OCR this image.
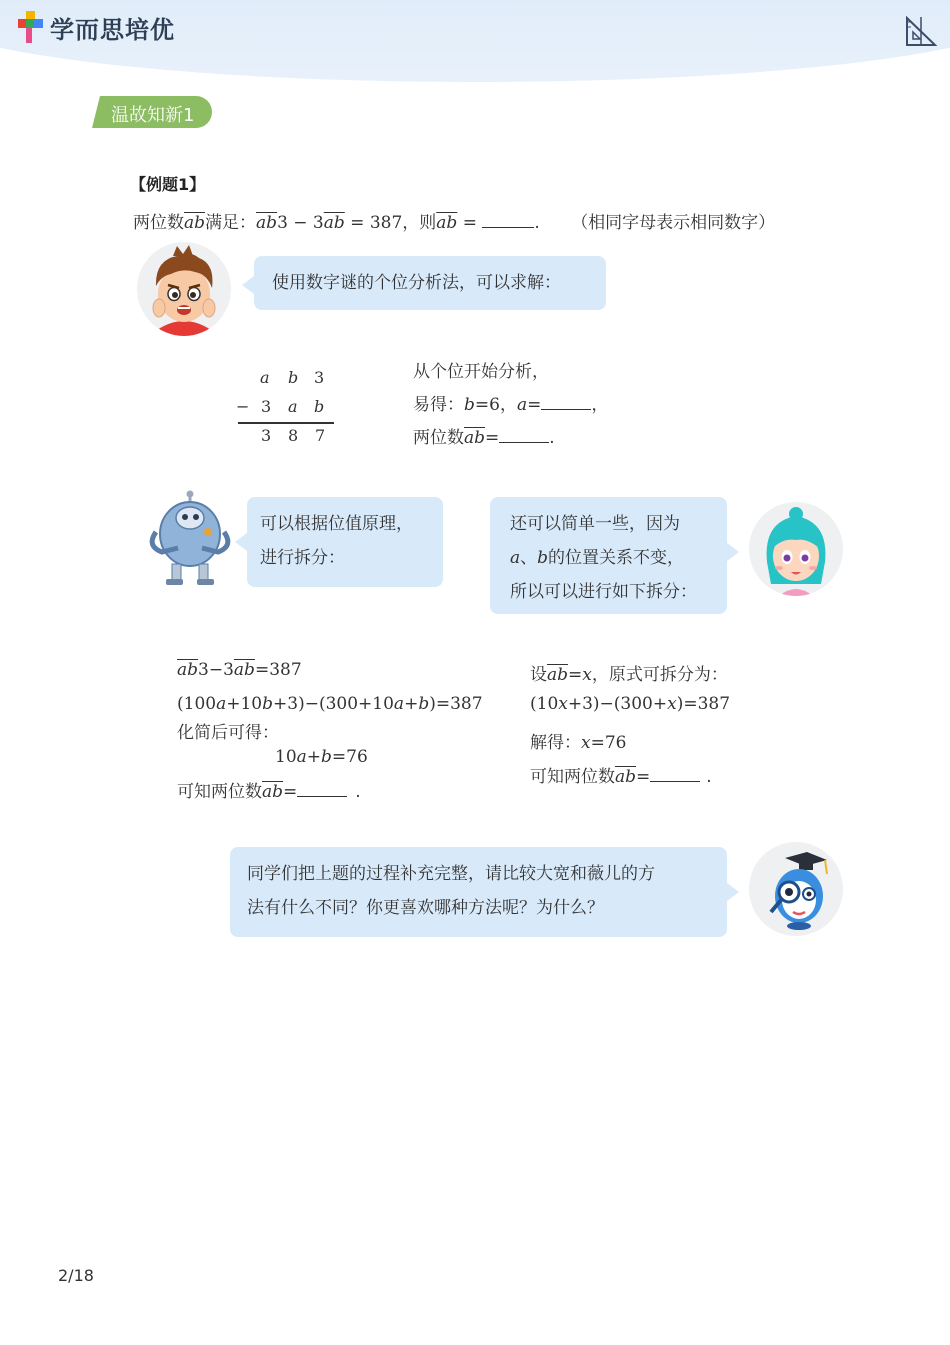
学而思培优
温故知新1
【例题1】
两位数$\overline{ab}$满足：$\overline{ab}3 - 3\overline{ab} = 387$，则$\overline{ab}$ =	. （相同字母表示相同数字）
使用数字谜的个位分析法，可以求解：
a b 3
− 3 a b
3 8 7
从个位开始分析，
易得：b=6，a=	，
两位数$\overline{ab}=$	.
可以根据位值原理，
进行拆分：
还可以简单一些，因为
a、b的位置关系不变，
所以可以进行如下拆分：
$\overline{ab}3-3\overline{ab}=387$
(100a+10b+3)−(300+10a+b)=387
化简后可得：
10a+b=76
可知两位数$\overline{ab}=$	.
设$\overline{ab}=x$，原式可拆分为：
(10x+3)−(300+x)=387
解得：x=76
可知两位数$\overline{ab}=$	.
同学们把上题的过程补充完整，请比较大宽和薇儿的方
法有什么不同？你更喜欢哪种方法呢？为什么？
2/18
